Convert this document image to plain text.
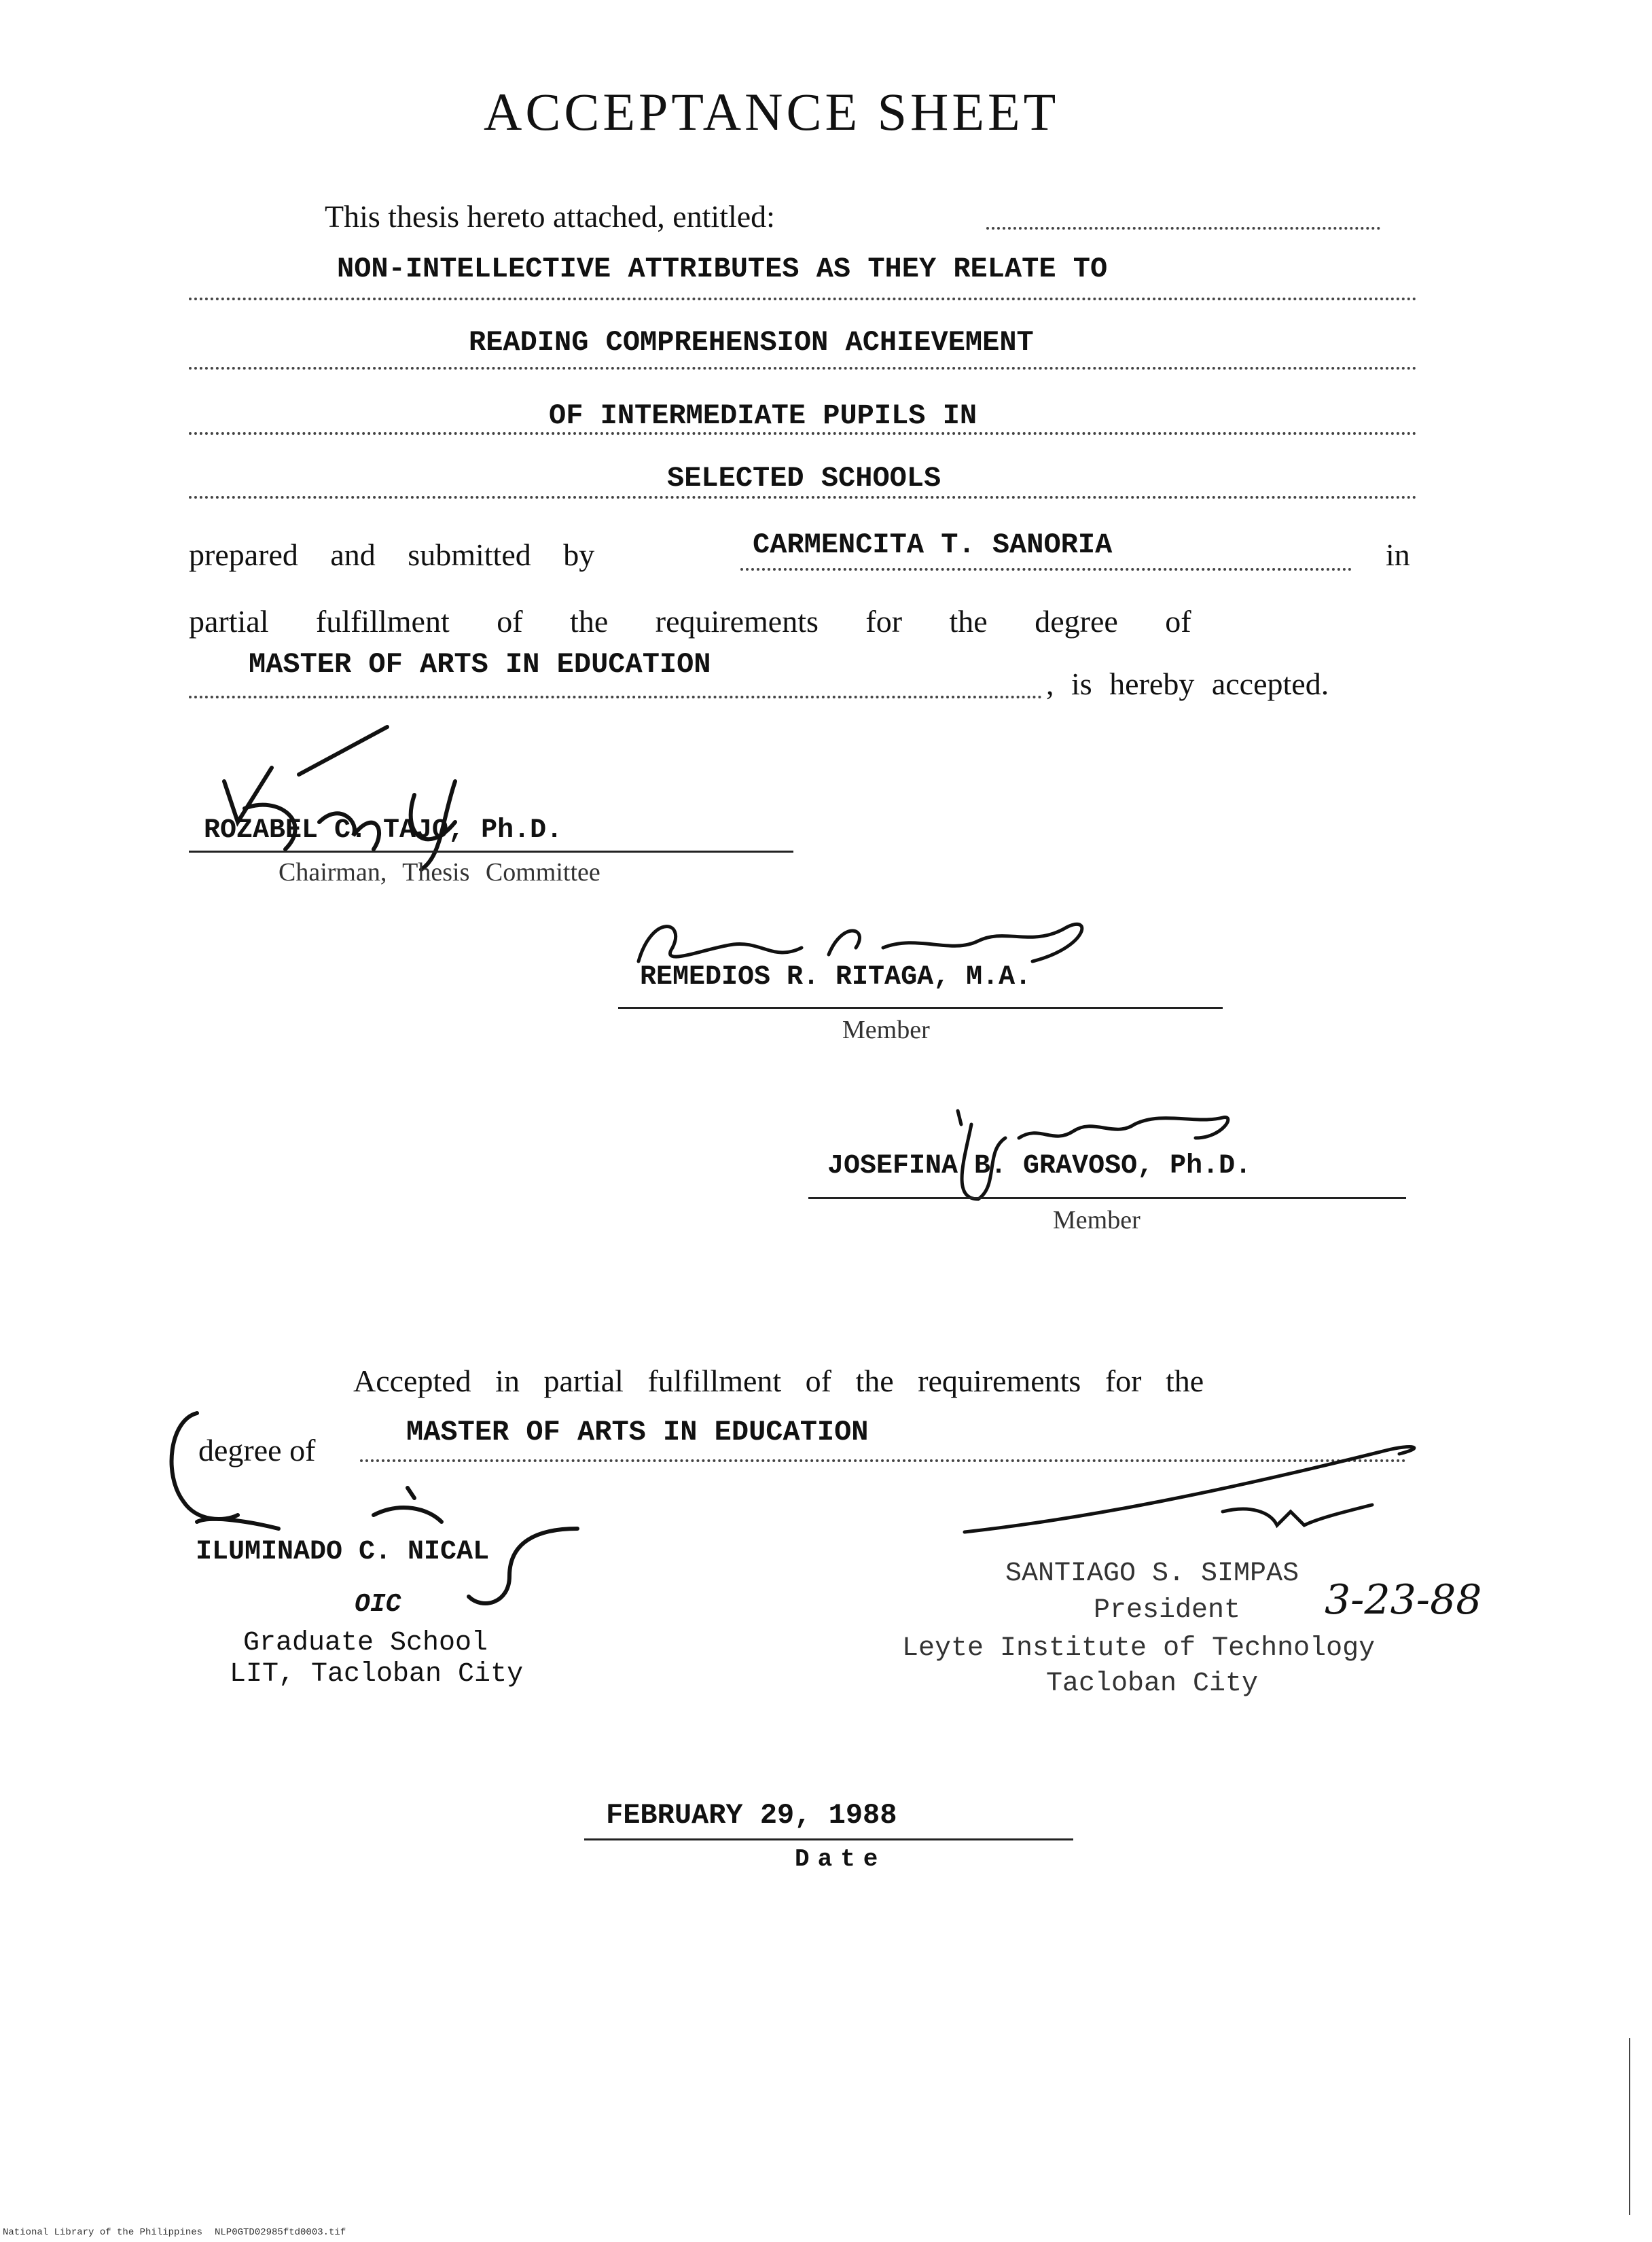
ACCEPTANCE SHEET
This thesis hereto attached, entitled:
NON-INTELLECTIVE ATTRIBUTES AS THEY RELATE TO
READING COMPREHENSION ACHIEVEMENT
OF INTERMEDIATE PUPILS IN
SELECTED SCHOOLS
prepared and submitted by	CARMENCITA T. SANORIA	in
partial fulfillment of the requirements for the degree of
MASTER OF ARTS IN EDUCATION
, is hereby accepted.
ROZABEL C. TAJO, Ph.D.
Chairman, Thesis Committee
REMEDIOS R. RITAGA, M.A.
Member
JOSEFINA B. GRAVOSO, Ph.D.
Member
Accepted in partial fulfillment of the requirements for the
degree of
MASTER OF ARTS IN EDUCATION
ILUMINADO C. NICAL
OIC
Graduate School
LIT, Tacloban City
SANTIAGO S. SIMPAS
President 3-23-88
Leyte Institute of Technology
Tacloban City
FEBRUARY 29, 1988
Date
National Library of the Philippines NLP0GTD02985ftd0003.tif
